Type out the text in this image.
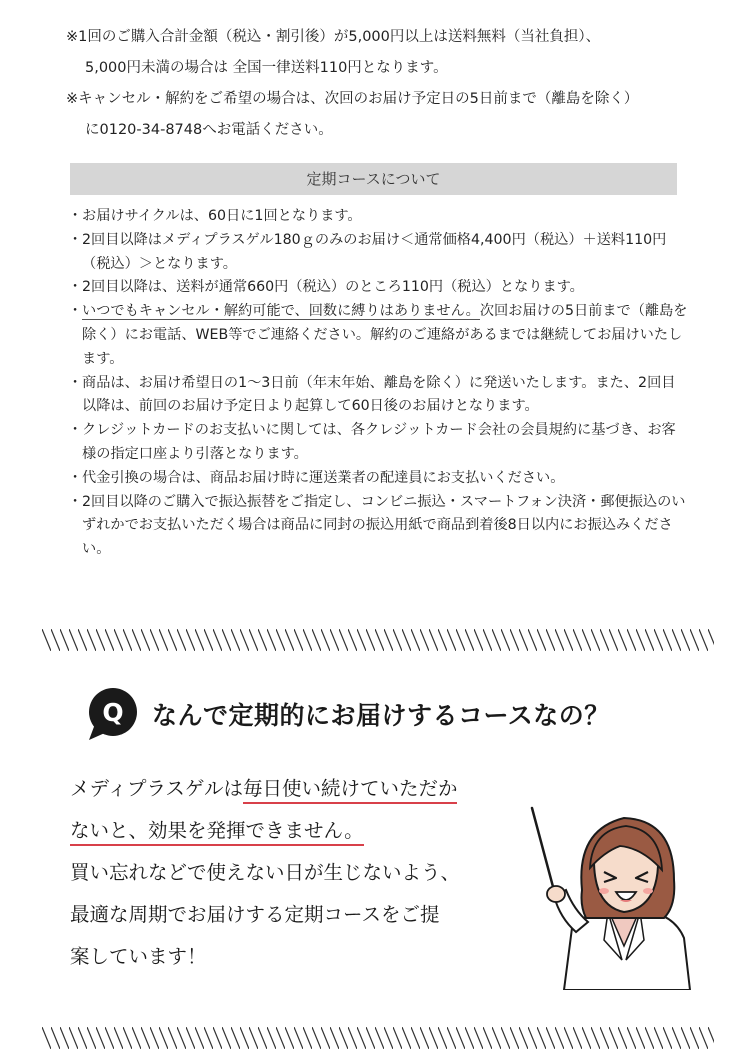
※1回のご購入合計金額（税込・割引後）が5,000円以上は送料無料（当社負担）、
5,000円未満の場合は 全国一律送料110円となります。
※キャンセル・解約をご希望の場合は、次回のお届け予定日の5日前まで（離島を除く）
に0120-34-8748へお電話ください。
定期コースについて
・ お届けサイクルは、60日に1回となります。
・ 2回目以降はメディプラスゲル180ｇのみのお届け＜通常価格4,400円（税込）＋送料110円（税込）＞となります。
・ 2回目以降は、送料が通常660円（税込）のところ110円（税込）となります。
・ いつでもキャンセル・解約可能で、回数に縛りはありません。次回お届けの5日前まで（離島を除く）にお電話、WEB等でご連絡ください。解約のご連絡があるまでは継続してお届けいたします。
・ 商品は、お届け希望日の1〜3日前（年末年始、離島を除く）に発送いたします。また、2回目以降は、前回のお届け予定日より起算して60日後のお届けとなります。
・ クレジットカードのお支払いに関しては、各クレジットカード会社の会員規約に基づき、お客様の指定口座より引落となります。
・ 代金引換の場合は、商品お届け時に運送業者の配達員にお支払いください。
・ 2回目以降のご購入で振込振替をご指定し、コンビニ振込・スマートフォン決済・郵便振込のいずれかでお支払いただく場合は商品に同封の振込用紙で商品到着後8日以内にお振込みください。
Q なんで定期的にお届けするコースなの？
メディプラスゲルは毎日使い続けていただか
ないと、効果を発揮できません。
買い忘れなどで使えない日が生じないよう、
最適な周期でお届けする定期コースをご提
案しています！
